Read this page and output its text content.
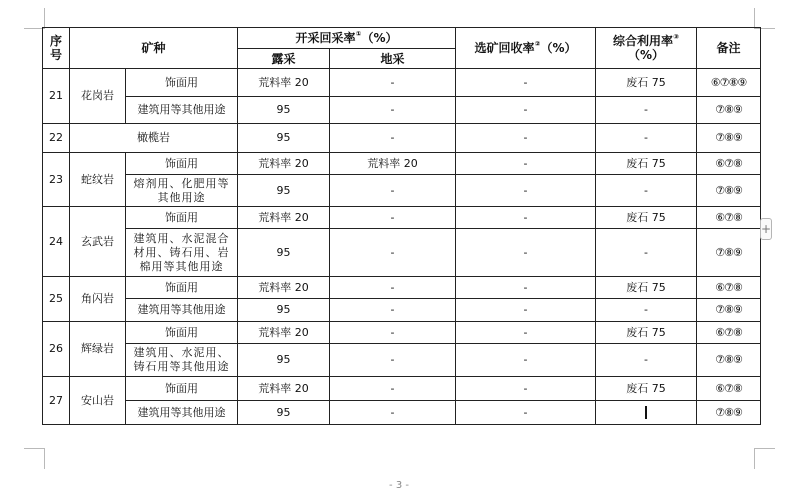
序号	矿种		开采回采率①（%）		选矿回收率②（%）	综合利用率③（%）	备注
			露采	地采			
21	花岗岩	饰面用	荒料率 20	-	-	废石 75	⑥⑦⑧⑨
		建筑用等其他用途	95	-	-	-	⑦⑧⑨
22	橄榄岩		95	-	-	-	⑦⑧⑨
23	蛇纹岩	饰面用	荒料率 20	荒料率 20	-	废石 75	⑥⑦⑧
		熔剂用、化肥用等其他用途	95	-	-	-	⑦⑧⑨
24	玄武岩	饰面用	荒料率 20	-	-	废石 75	⑥⑦⑧
		建筑用、水泥混合材用、铸石用、岩棉用等其他用途	95	-	-	-	⑦⑧⑨
25	角闪岩	饰面用	荒料率 20	-	-	废石 75	⑥⑦⑧
		建筑用等其他用途	95	-	-	-	⑦⑧⑨
26	辉绿岩	饰面用	荒料率 20	-	-	废石 75	⑥⑦⑧
		建筑用、水泥用、铸石用等其他用途	95	-	-	-	⑦⑧⑨
27	安山岩	饰面用	荒料率 20	-	-	废石 75	⑥⑦⑧
		建筑用等其他用途	95	-	-		⑦⑧⑨
+
- 3 -
